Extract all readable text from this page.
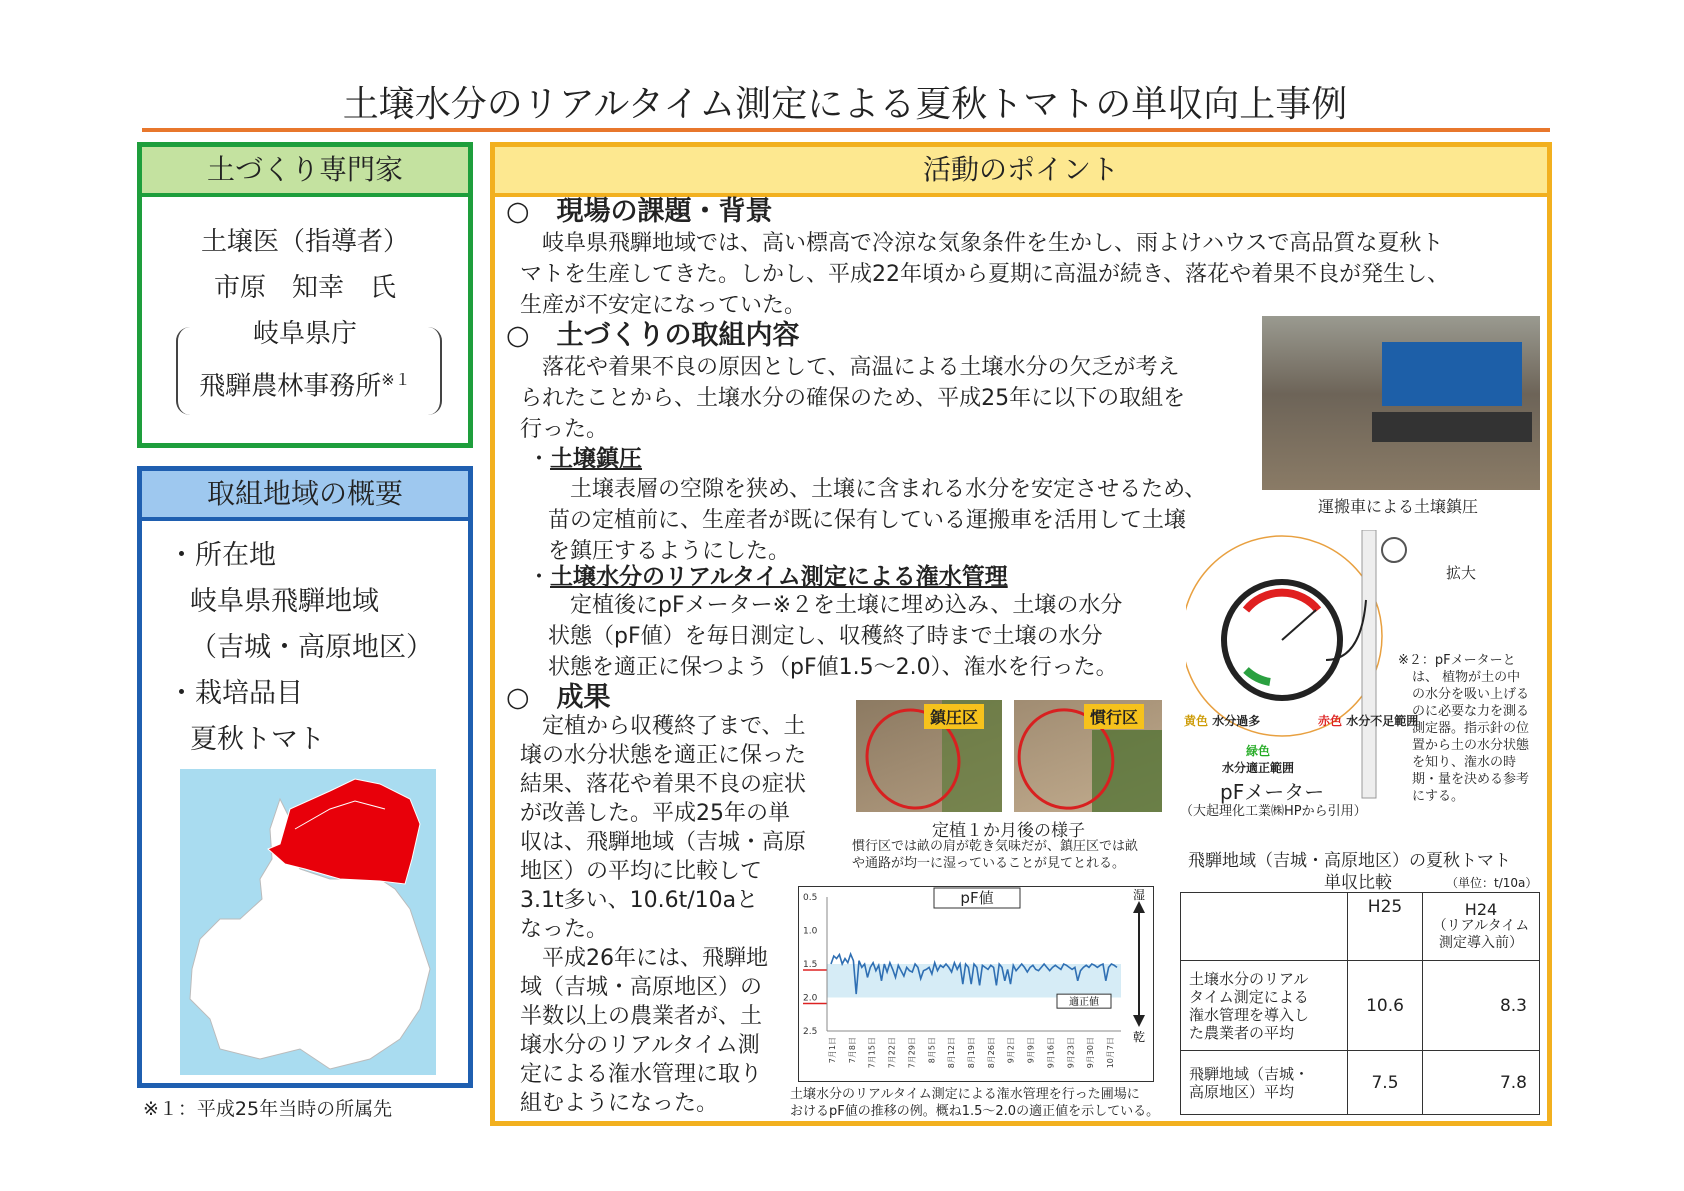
土壌水分のリアルタイム測定による夏秋トマトの単収向上事例
土づくり専門家
土壌医（指導者）
市原　知幸　氏
岐阜県庁
飛騨農林事務所$^{※1}$
取組地域の概要
・所在地
岐阜県飛騨地域
（吉城・高原地区）
・栽培品目
夏秋トマト
※１：平成25年当時の所属先
活動のポイント
○　現場の課題・背景
　岐阜県飛騨地域では、高い標高で冷涼な気象条件を生かし、雨よけハウスで高品質な夏秋ト
マトを生産してきた。しかし、平成22年頃から夏期に高温が続き、落花や着果不良が発生し、
生産が不安定になっていた。
○　土づくりの取組内容
　落花や着果不良の原因として、高温による土壌水分の欠乏が考え
られたことから、土壌水分の確保のため、平成25年に以下の取組を
行った。
・土壌鎮圧
　土壌表層の空隙を狭め、土壌に含まれる水分を安定させるため、
苗の定植前に、生産者が既に保有している運搬車を活用して土壌
を鎮圧するようにした。
・土壌水分のリアルタイム測定による潅水管理
　定植後にpFメーター※２を土壌に埋め込み、土壌の水分
状態（pF値）を毎日測定し、収穫終了時まで土壌の水分
状態を適正に保つよう（pF値1.5～2.0）、潅水を行った。
運搬車による土壌鎮圧
拡大
黄色 水分過多
緑色
水分適正範囲
赤色 水分不足範囲
pFメーター
（大起理化工業㈱HPから引用）
※２：pFメーターと
は、 植物が土の中
の水分を吸い上げる
のに必要な力を測る
測定器。指示針の位
置から土の水分状態
を知り、潅水の時
期・量を決める参考
にする。
○　成果
　定植から収穫終了まで、土
壌の水分状態を適正に保った
結果、落花や着果不良の症状
が改善した。平成25年の単
収は、飛騨地域（吉城・高原
地区）の平均に比較して
3.1t多い、10.6t/10aと
なった。
　平成26年には、飛騨地
域（吉城・高原地区）の
半数以上の農業者が、土
壌水分のリアルタイム測
定による潅水管理に取り
組むようになった。
鎮圧区	慣行区
定植１か月後の様子
慣行区では畝の肩が乾き気味だが、鎮圧区では畝
や通路が均一に湿っていることが見てとれる。
0.5
1.0
1.5
2.0
2.5
7月1日 7月8日 7月15日 7月22日 7月29日 8月5日 8月12日 8月19日 8月26日 9月2日 9月9日 9月16日 9月23日 9月30日 10月7日
pF値
適正値
湿
乾
土壌水分のリアルタイム測定による潅水管理を行った圃場に
おけるpF値の推移の例。概ね1.5～2.0の適正値を示している。
飛騨地域（吉城・高原地区）の夏秋トマト
単収比較	（単位：t/10a）
	H25	H24
（リアルタイム
測定導入前）

土壌水分のリアル
タイム測定による
潅水管理を導入し
た農業者の平均	10.6	8.3

飛騨地域（吉城・
高原地区）平均	7.5	7.8
